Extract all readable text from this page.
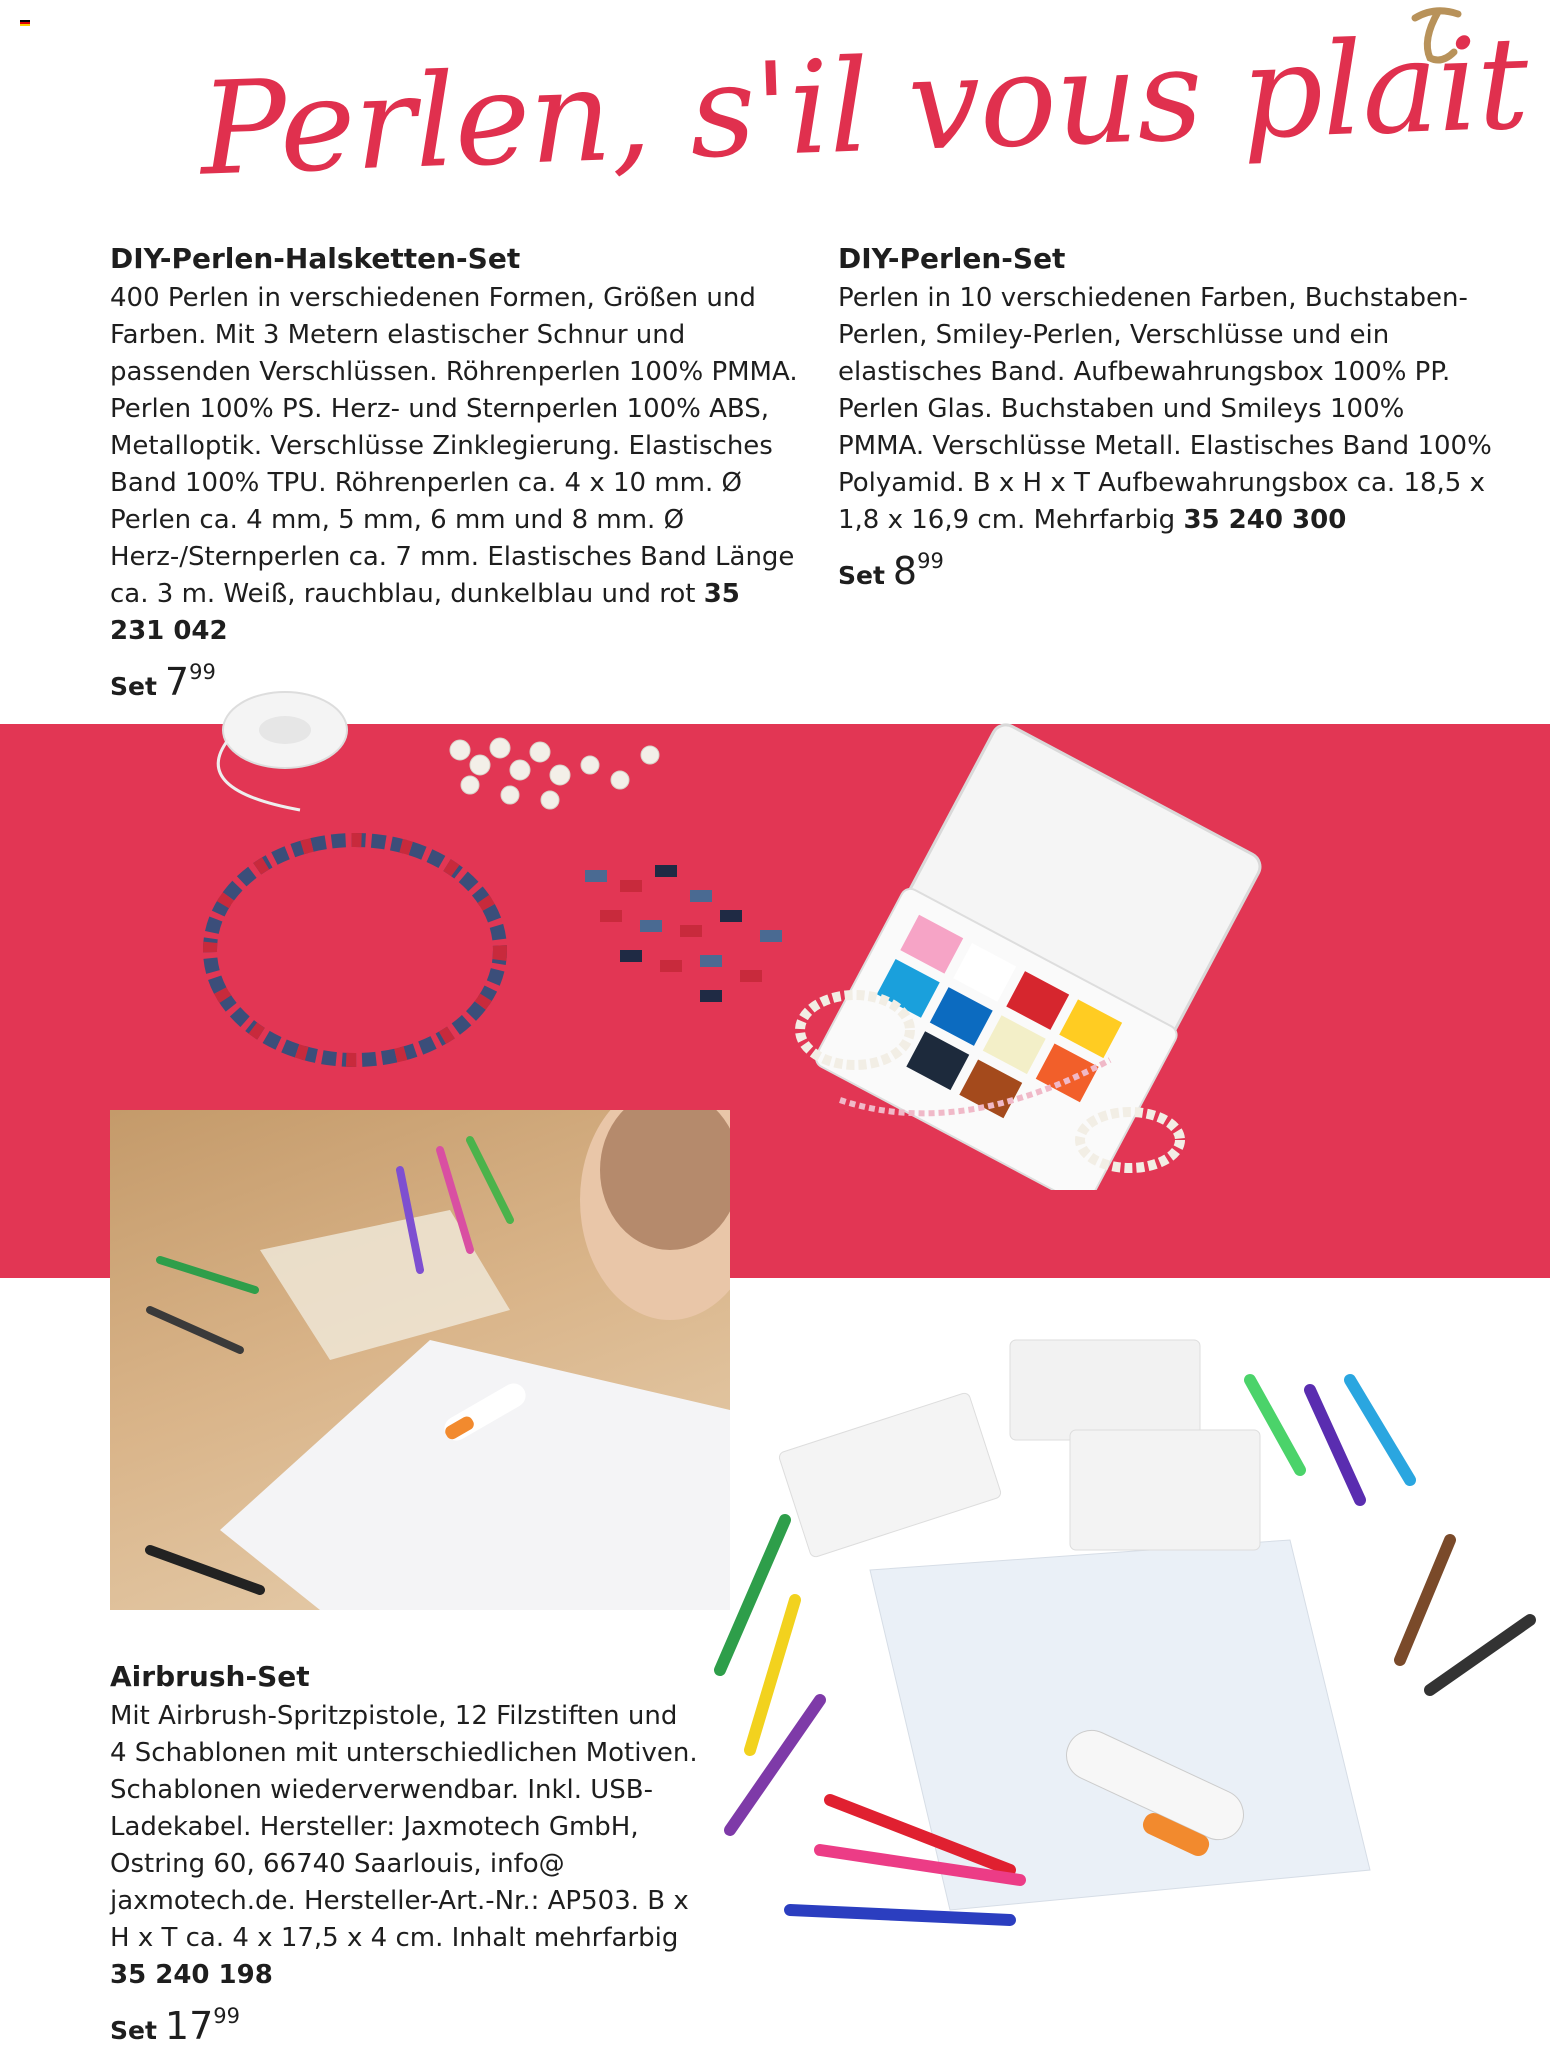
Perlen, s'il vous plait
DIY-Perlen-Halsketten-Set

400 Perlen in verschiedenen Formen, Größen und Farben. Mit 3 Metern elastischer Schnur und passenden Verschlüssen. Röhrenperlen 100% PMMA. Perlen 100% PS. Herz- und Sternperlen 100% ABS, Metalloptik. Verschlüsse Zinklegierung. Elastisches Band 100% TPU. Röhrenperlen ca. 4 x 10 mm. Ø Perlen ca. 4 mm, 5 mm, 6 mm und 8 mm. Ø Herz-/Sternperlen ca. 7 mm. Elastisches Band Länge ca. 3 m. Weiß, rauchblau, dunkelblau und rot 35 231 042

Set $7^{99}$
DIY-Perlen-Set

Perlen in 10 verschiedenen Farben, Buchstaben-Perlen, Smiley-Perlen, Verschlüsse und ein elastisches Band. Aufbewahrungsbox 100% PP. Perlen Glas. Buchstaben und Smileys 100% PMMA. Verschlüsse Metall. Elastisches Band 100% Polyamid. B x H x T Aufbewahrungsbox ca. 18,5 x 1,8 x 16,9 cm. Mehrfarbig 35 240 300

Set $8^{99}$
Airbrush-Set

Mit Airbrush-Spritzpistole, 12 Filzstiften und 4 Schablonen mit unterschiedlichen Motiven. Schablonen wiederverwendbar. Inkl. USB-Ladekabel. Hersteller: Jaxmotech GmbH, Ostring 60, 66740 Saarlouis, info@ jaxmotech.de. Hersteller-Art.-Nr.: AP503. B x H x T ca. 4 x 17,5 x 4 cm. Inhalt mehrfarbig
35 240 198

Set $17^{99}$
